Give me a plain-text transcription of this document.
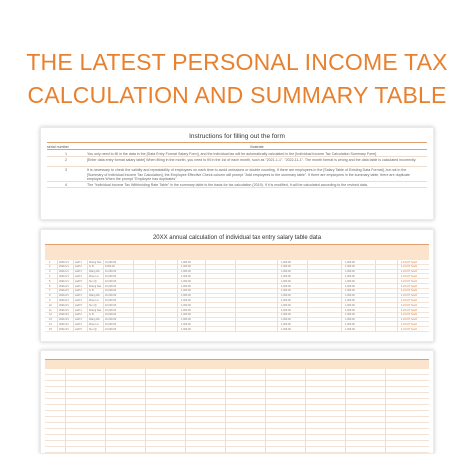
THE LATEST PERSONAL INCOME TAX
CALCULATION AND SUMMARY TABLE
Instructions for filling out the form
serial number	illustrate
1	You only need to fill in the data in the [Data Entry Format Salary Form], and the individual tax will be automatically calculated in the [Individual Income Tax Calculation Summary Form].
2	[Enter data entry format salary table] When filling in the month, you need to fill in the 1st of each month, such as "2021-1-1", "2022-11-1". The month format is wrong and the data table is calculated incorrectly.
3	It is necessary to check the validity and repeatability of employees on each time to avoid omissions or double counting. If there are employees in the [Salary Table of Existing Data Format], but not in the [Summary of Individual Income Tax Calculation], the Employee Effective Check column will prompt "Add employees to the summary table". If there are employees in the summary table, there are duplicate employees When the prompt "Employee has duplicates"
4	The "Individual Income Tax Withholding Rate Table" in the summary table is the basis for tax calculation (2019). If it is modified, it will be calculated according to the revised data.
20XX annual calculation of individual tax entry salary table data
1	2021/1/1	staff 1	Zhang San 10,000.00	1,000.00	1,000.00	1,000.00	1.2:0.07 Yes/2
2	2021/1/1	staff 2	Li Si	8,000.00	1,000.00	1,000.00	1,000.00	1.2:0.07 Yes/2
3	2021/1/1	staff 3	Wang Wu 10,000.00	1,000.00	1,000.00	1,000.00	1.2:0.07 Yes/2
4	2021/1/1	staff 4	Zhao Liu	10,000.00	1,000.00	1,000.00	1,000.00	1.2:0.07 Yes/2
5	2021/1/1	staff 5	Sun Qi	10,000.00	1,000.00	1,000.00	1,000.00	1.2:0.07 Yes/2
6	2021/2/1	staff 1	Zhang San 10,000.00	1,000.00	1,000.00	1,000.00	1.2:0.07 Yes/2
7	2021/2/1	staff 2	Li Si	10,000.00	1,000.00	1,000.00	1,000.00	1.2:0.07 Yes/2
8	2021/2/1	staff 3	Wang Wu 10,000.00	1,000.00	1,000.00	1,000.00	1.2:0.07 Yes/2
9	2021/2/1	staff 4	Zhao Liu	10,000.00	1,000.00	1,000.00	1,000.00	1.2:0.07 Yes/2
10	2021/2/1	staff 5	Sun Qi	10,000.00	1,000.00	1,000.00	1,000.00	1.2:0.07 Yes/2
11	2021/3/1	staff 1	Zhang San 10,000.00	1,000.00	1,000.00	1,000.00	1.2:0.07 Yes/2
12	2021/3/1	staff 2	Li Si	10,000.00	1,000.00	1,000.00	1,000.00	1.2:0.07 Yes/2
13	2021/3/1	staff 3	Wang Wu 10,000.00	1,000.00	1,000.00	1,000.00	1.2:0.07 Yes/2
14	2021/3/1	staff 4	Zhao Liu	10,000.00	1,000.00	1,000.00	1,000.00	1.2:0.07 Yes/2
15	2021/3/1	staff 5	Sun Qi	10,000.00	1,000.00	1,000.00	1,000.00	1.2:0.07 Yes/2
